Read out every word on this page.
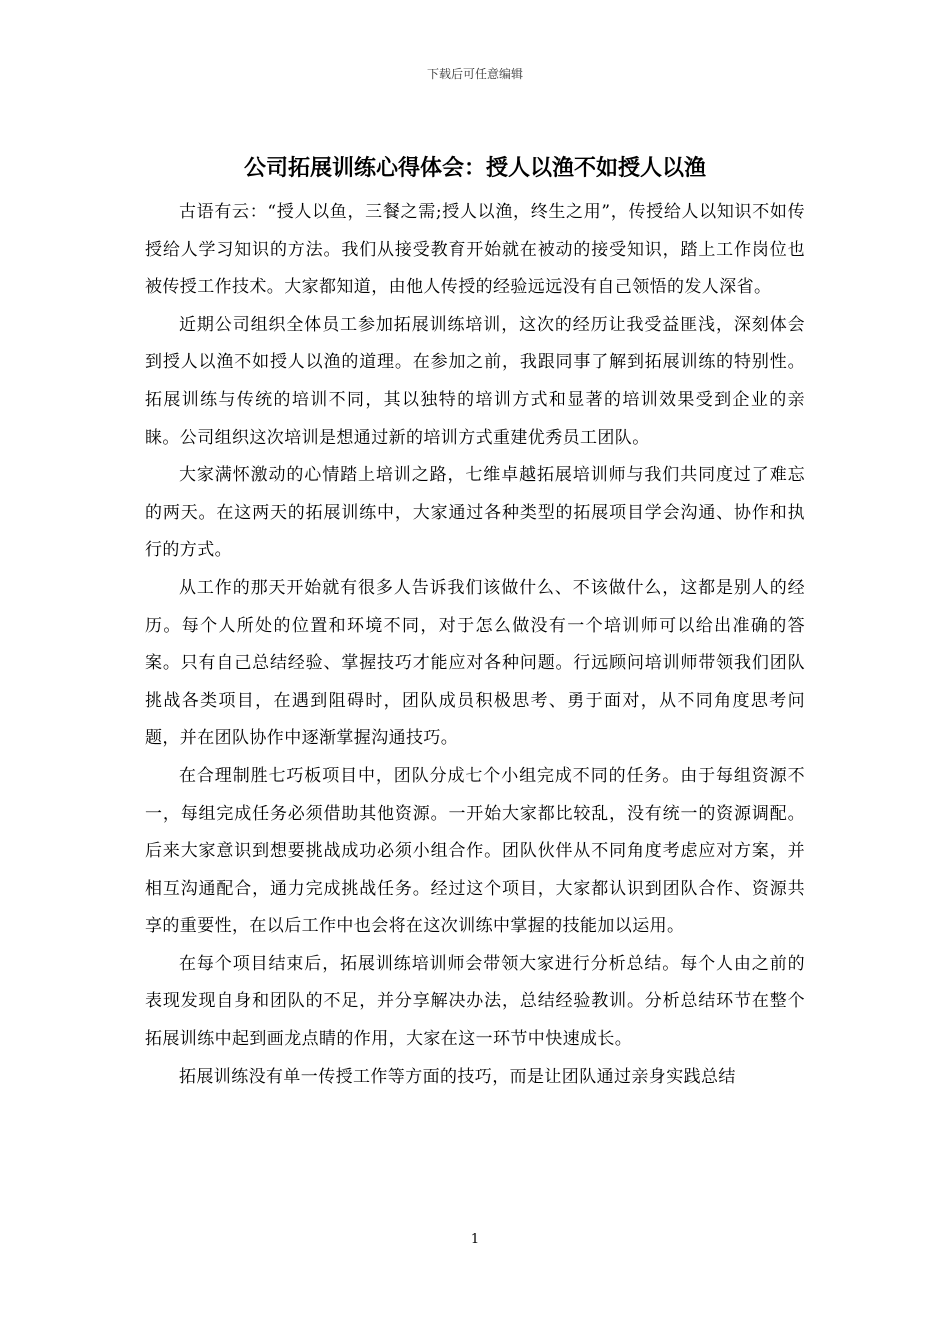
下载后可任意编辑
公司拓展训练心得体会：授人以渔不如授人以渔

古语有云：“授人以鱼，三餐之需;授人以渔，终生之用”，传授给人以知识不如传授给人学习知识的方法。我们从接受教育开始就在被动的接受知识，踏上工作岗位也被传授工作技术。大家都知道，由他人传授的经验远远没有自己领悟的发人深省。

近期公司组织全体员工参加拓展训练培训，这次的经历让我受益匪浅，深刻体会到授人以渔不如授人以渔的道理。在参加之前，我跟同事了解到拓展训练的特别性。拓展训练与传统的培训不同，其以独特的培训方式和显著的培训效果受到企业的亲睐。公司组织这次培训是想通过新的培训方式重建优秀员工团队。

大家满怀激动的心情踏上培训之路，七维卓越拓展培训师与我们共同度过了难忘的两天。在这两天的拓展训练中，大家通过各种类型的拓展项目学会沟通、协作和执行的方式。

从工作的那天开始就有很多人告诉我们该做什么、不该做什么，这都是别人的经历。每个人所处的位置和环境不同，对于怎么做没有一个培训师可以给出准确的答案。只有自己总结经验、掌握技巧才能应对各种问题。行远顾问培训师带领我们团队挑战各类项目，在遇到阻碍时，团队成员积极思考、勇于面对，从不同角度思考问题，并在团队协作中逐渐掌握沟通技巧。

在合理制胜七巧板项目中，团队分成七个小组完成不同的任务。由于每组资源不一，每组完成任务必须借助其他资源。一开始大家都比较乱，没有统一的资源调配。后来大家意识到想要挑战成功必须小组合作。团队伙伴从不同角度考虑应对方案，并相互沟通配合，通力完成挑战任务。经过这个项目，大家都认识到团队合作、资源共享的重要性，在以后工作中也会将在这次训练中掌握的技能加以运用。

在每个项目结束后，拓展训练培训师会带领大家进行分析总结。每个人由之前的表现发现自身和团队的不足，并分享解决办法，总结经验教训。分析总结环节在整个拓展训练中起到画龙点睛的作用，大家在这一环节中快速成长。

拓展训练没有单一传授工作等方面的技巧，而是让团队通过亲身实践总结

1
